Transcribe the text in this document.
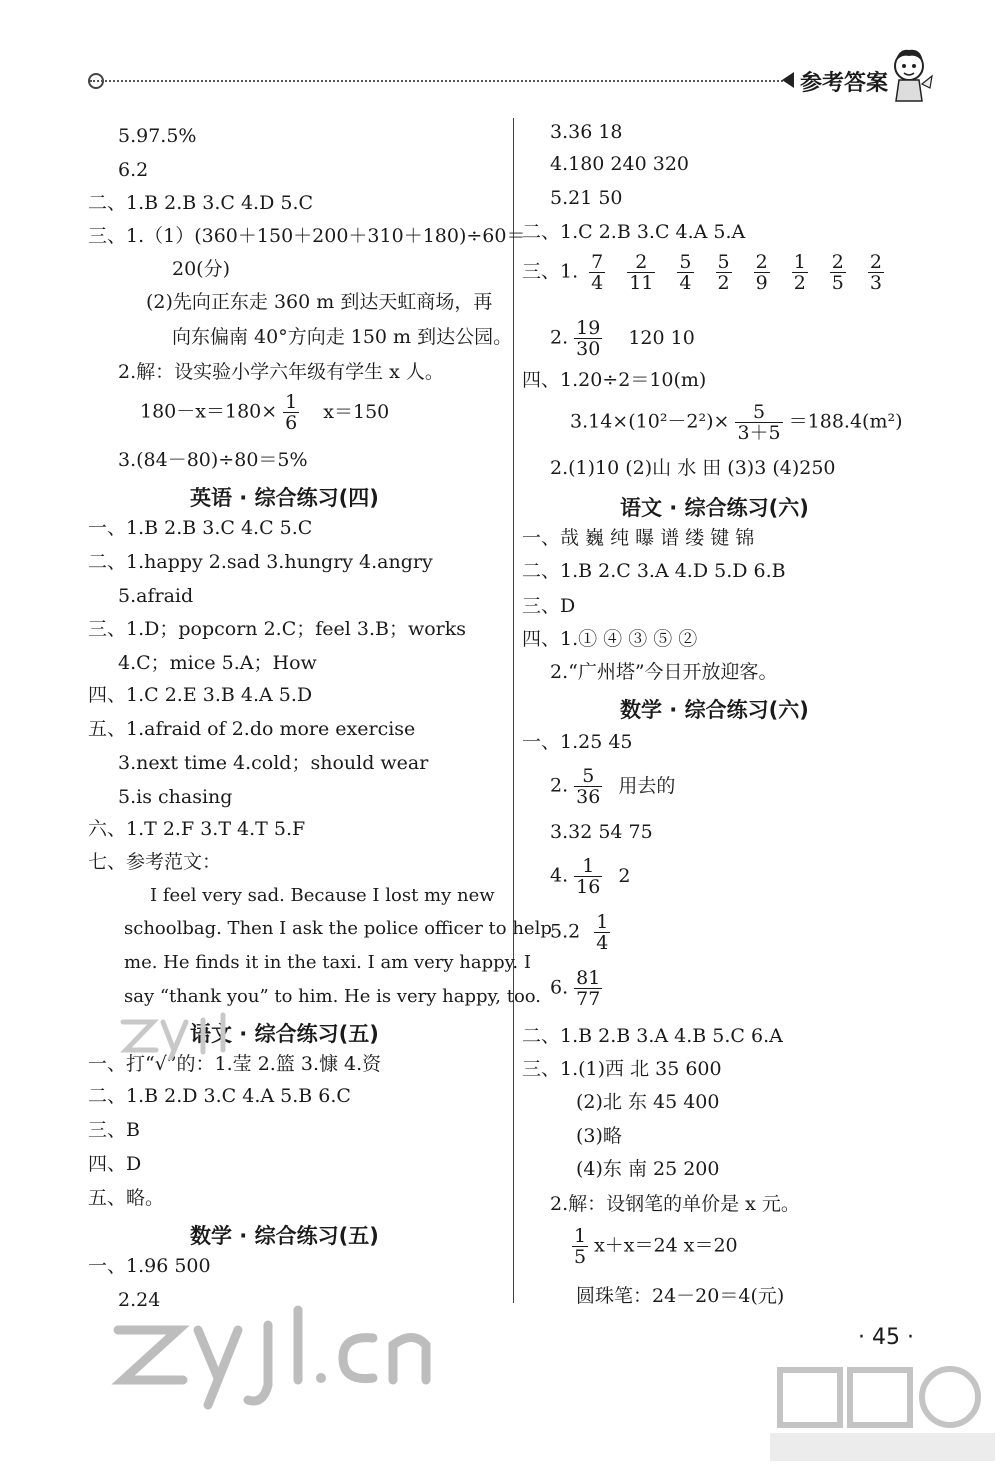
参考答案
5.97.5%
6.2
二、1.B 2.B 3.C 4.D 5.C
三、1.（1）(360＋150＋200＋310＋180)÷60＝
20(分)
(2)先向正东走 360 m 到达天虹商场，再
向东偏南 40°方向走 150 m 到达公园。
2.解：设实验小学六年级有学生 x 人。
$180-x=180\times \frac{1}{6} x=150$
3.(84－80)÷80＝5%
英语 · 综合练习(四)
一、1.B 2.B 3.C 4.C 5.C
二、1.happy 2.sad 3.hungry 4.angry
5.afraid
三、1.D；popcorn 2.C；feel 3.B；works
4.C；mice 5.A；How
四、1.C 2.E 3.B 4.A 5.D
五、1.afraid of 2.do more exercise
3.next time 4.cold；should wear
5.is chasing
六、1.T 2.F 3.T 4.T 5.F
七、参考范文：
I feel very sad. Because I lost my new
schoolbag. Then I ask the police officer to help
me. He finds it in the taxi. I am very happy. I
say “thank you” to him. He is very happy, too.
语文 · 综合练习(五)
一、打“√”的：1.莹 2.篮 3.慷 4.资
二、1.B 2.D 3.C 4.A 5.B 6.C
三、B
四、D
五、略。
数学 · 综合练习(五)
一、1.96 500
2.24
3.36 18
4.180 240 320
5.21 50
二、1.C 2.B 3.C 4.A 5.A
三、1. $\frac{7}{4} \frac{2}{11} \frac{5}{4} \frac{5}{2} \frac{2}{9} \frac{1}{2} \frac{2}{5} \frac{2}{3}$
2. $\frac{19}{30} 120$ 10
四、1.20÷2＝10(m)
$3.14\times(10^2-2^2)\times \frac{5}{3+5} =188.4(m^2)$
2.(1)10 (2)山 水 田 (3)3 (4)250
语文 · 综合练习(六)
一、哉 巍 纯 曝 谱 缕 键 锦
二、1.B 2.C 3.A 4.D 5.D 6.B
三、D
四、1.① ④ ③ ⑤ ②
2.“广州塔”今日开放迎客。
数学 · 综合练习(六)
一、1.25 45
2. $\frac{5}{36}$ 用去的
3.32 54 75
4. $\frac{1}{16} 2$
$5.2 \frac{1}{4}$
6. $\frac{81}{77}$
二、1.B 2.B 3.A 4.B 5.C 6.A
三、1.(1)西 北 35 600
(2)北 东 45 400
(3)略
(4)东 南 25 200
2.解：设钢笔的单价是 x 元。
$\frac{1}{5} x+x=24$ x＝20
圆珠笔：24－20＝4(元)
· 45 ·
